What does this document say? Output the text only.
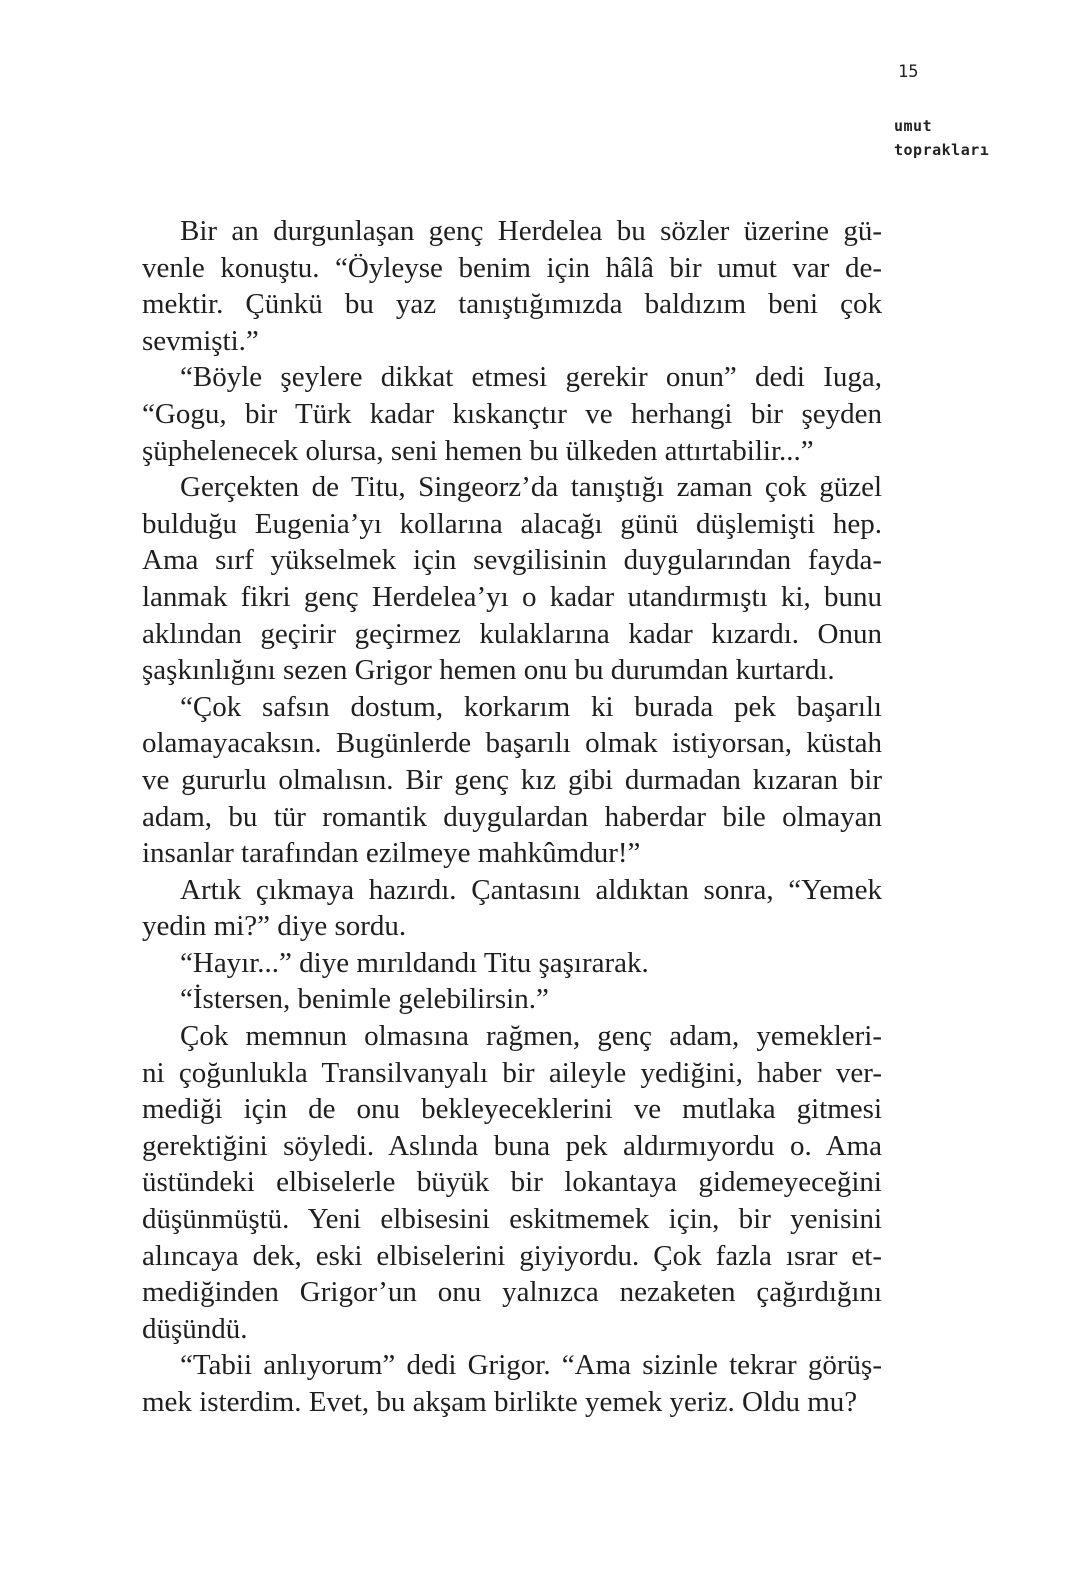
15
umut
toprakları

Bir an durgunlaşan genç Herdelea bu sözler üzerine gü-
venle konuştu. “Öyleyse benim için hâlâ bir umut var de-
mektir. Çünkü bu yaz tanıştığımızda baldızım beni çok
sevmişti.”

“Böyle şeylere dikkat etmesi gerekir onun” dedi Iuga,
“Gogu, bir Türk kadar kıskançtır ve herhangi bir şeyden
şüphelenecek olursa, seni hemen bu ülkeden attırtabilir...”

Gerçekten de Titu, Singeorz’da tanıştığı zaman çok güzel
bulduğu Eugenia’yı kollarına alacağı günü düşlemişti hep.
Ama sırf yükselmek için sevgilisinin duygularından fayda-
lanmak fikri genç Herdelea’yı o kadar utandırmıştı ki, bunu
aklından geçirir geçirmez kulaklarına kadar kızardı. Onun
şaşkınlığını sezen Grigor hemen onu bu durumdan kurtardı.

“Çok safsın dostum, korkarım ki burada pek başarılı
olamayacaksın. Bugünlerde başarılı olmak istiyorsan, küstah
ve gururlu olmalısın. Bir genç kız gibi durmadan kızaran bir
adam, bu tür romantik duygulardan haberdar bile olmayan
insanlar tarafından ezilmeye mahkûmdur!”

Artık çıkmaya hazırdı. Çantasını aldıktan sonra, “Yemek
yedin mi?” diye sordu.

“Hayır...” diye mırıldandı Titu şaşırarak.

“İstersen, benimle gelebilirsin.”

Çok memnun olmasına rağmen, genç adam, yemekleri-
ni çoğunlukla Transilvanyalı bir aileyle yediğini, haber ver-
mediği için de onu bekleyeceklerini ve mutlaka gitmesi
gerektiğini söyledi. Aslında buna pek aldırmıyordu o. Ama
üstündeki elbiselerle büyük bir lokantaya gidemeyeceğini
düşünmüştü. Yeni elbisesini eskitmemek için, bir yenisini
alıncaya dek, eski elbiselerini giyiyordu. Çok fazla ısrar et-
mediğinden Grigor’un onu yalnızca nezaketen çağırdığını
düşündü.

“Tabii anlıyorum” dedi Grigor. “Ama sizinle tekrar görüş-
mek isterdim. Evet, bu akşam birlikte yemek yeriz. Oldu mu?
